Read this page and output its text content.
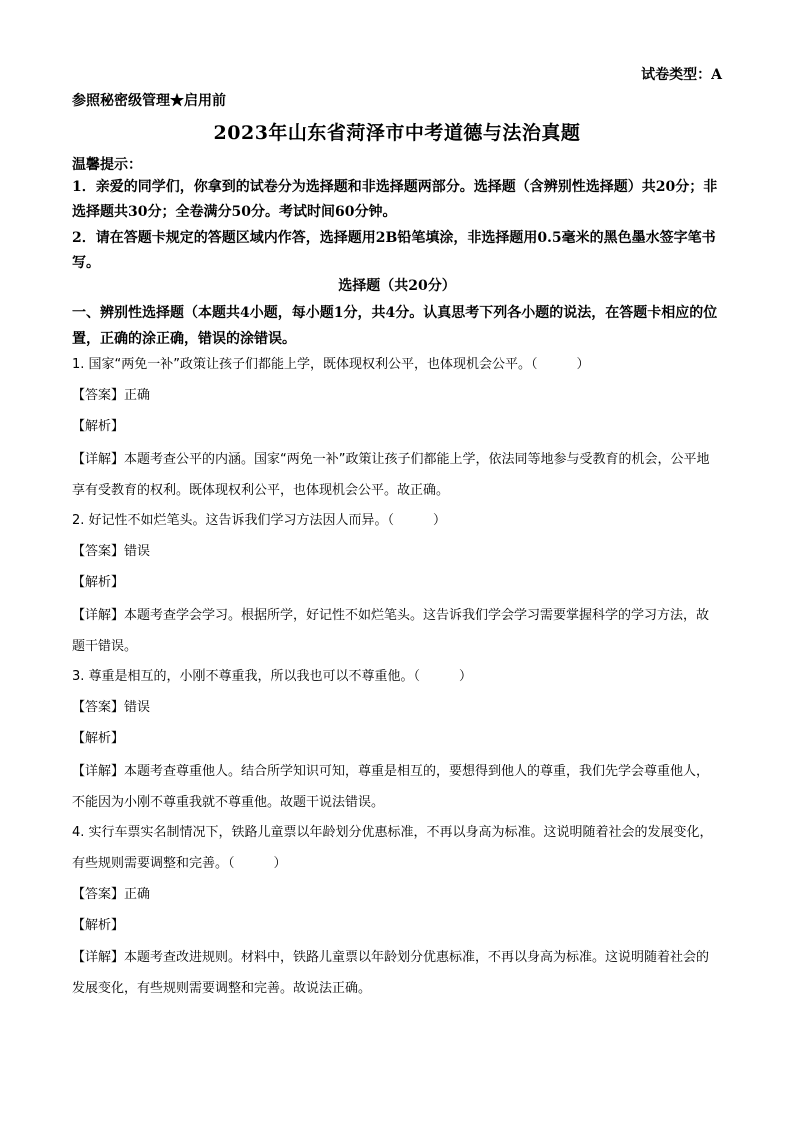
试卷类型：A
参照秘密级管理★启用前
2023年山东省菏泽市中考道德与法治真题
温馨提示：
1．亲爱的同学们，你拿到的试卷分为选择题和非选择题两部分。选择题（含辨别性选择题）共20分；非选择题共30分；全卷满分50分。考试时间60分钟。
2．请在答题卡规定的答题区域内作答，选择题用2B铅笔填涂，非选择题用0.5毫米的黑色墨水签字笔书写。
选择题（共20分）
一、辨别性选择题（本题共4小题，每小题1分，共4分。认真思考下列各小题的说法，在答题卡相应的位置，正确的涂正确，错误的涂错误。
1. 国家“两免一补”政策让孩子们都能上学，既体现权利公平，也体现机会公平。（　　　）
【答案】正确
【解析】
【详解】本题考查公平的内涵。国家“两免一补”政策让孩子们都能上学，依法同等地参与受教育的机会，公平地享有受教育的权利。既体现权利公平，也体现机会公平。故正确。
2. 好记性不如烂笔头。这告诉我们学习方法因人而异。（　　　）
【答案】错误
【解析】
【详解】本题考查学会学习。根据所学，好记性不如烂笔头。这告诉我们学会学习需要掌握科学的学习方法，故题干错误。
3. 尊重是相互的，小刚不尊重我，所以我也可以不尊重他。（　　　）
【答案】错误
【解析】
【详解】本题考查尊重他人。结合所学知识可知，尊重是相互的，要想得到他人的尊重，我们先学会尊重他人，不能因为小刚不尊重我就不尊重他。故题干说法错误。
4. 实行车票实名制情况下，铁路儿童票以年龄划分优惠标准，不再以身高为标准。这说明随着社会的发展变化，有些规则需要调整和完善。（　　　）
【答案】正确
【解析】
【详解】本题考查改进规则。材料中，铁路儿童票以年龄划分优惠标准，不再以身高为标准。这说明随着社会的发展变化，有些规则需要调整和完善。故说法正确。
